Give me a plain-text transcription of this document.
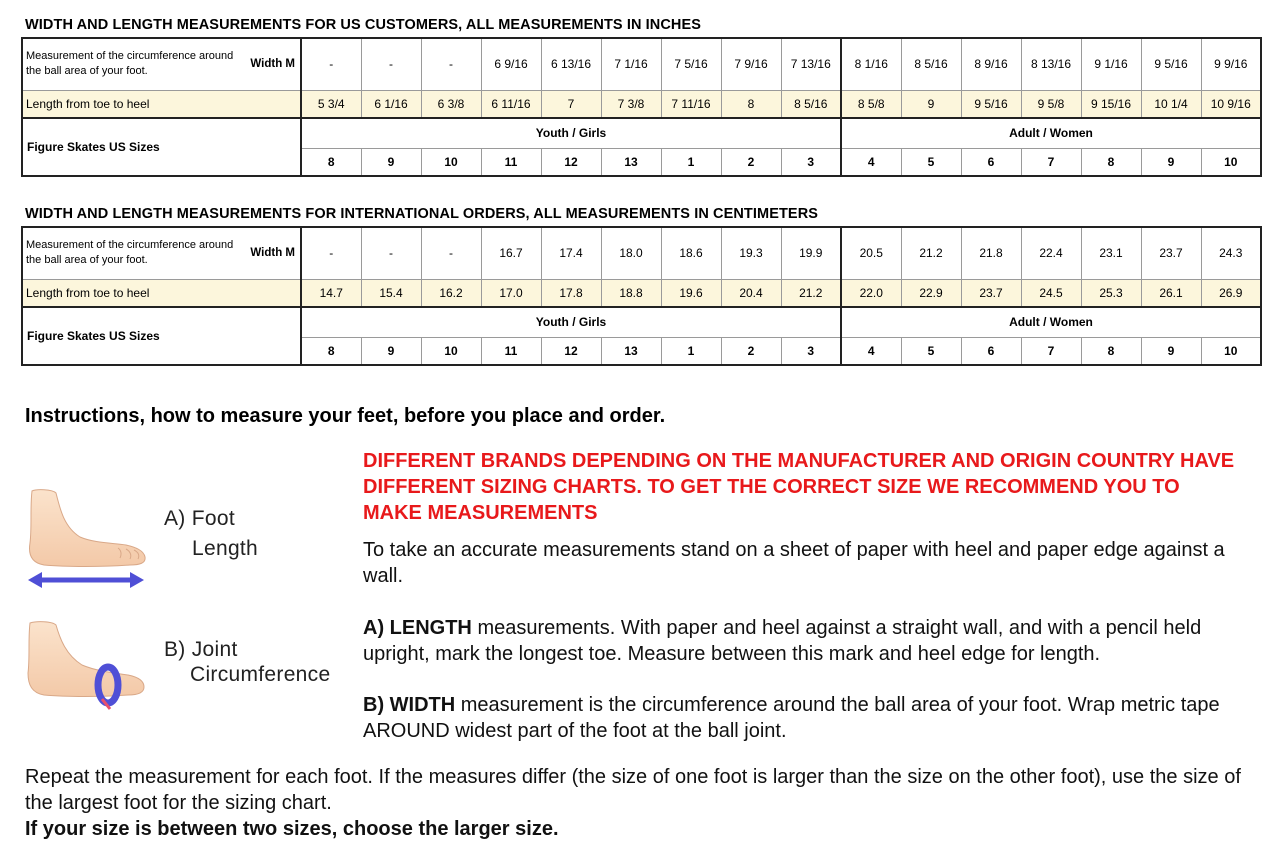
WIDTH AND LENGTH MEASUREMENTS FOR US CUSTOMERS, ALL MEASUREMENTS IN INCHES
Measurement of the circumference around the ball area of your foot.	Width M	-	-	-	6 9/16	6 13/16	7 1/16	7 5/16	7 9/16	7 13/16	8 1/16	8 5/16	8 9/16	8 13/16	9 1/16	9 5/16	9 9/16
Length from toe to heel		5 3/4	6 1/16	6 3/8	6 11/16	7	7 3/8	7 11/16	8	8 5/16	8 5/8	9	9 5/16	9 5/8	9 15/16	10 1/4	10 9/16
Figure Skates US Sizes		Youth / Girls									Adult / Women						
		8	9	10	11	12	13	1	2	3	4	5	6	7	8	9	10
WIDTH AND LENGTH MEASUREMENTS FOR INTERNATIONAL ORDERS, ALL MEASUREMENTS IN CENTIMETERS
Measurement of the circumference around the ball area of your foot.	Width M	-	-	-	16.7	17.4	18.0	18.6	19.3	19.9	20.5	21.2	21.8	22.4	23.1	23.7	24.3
Length from toe to heel		14.7	15.4	16.2	17.0	17.8	18.8	19.6	20.4	21.2	22.0	22.9	23.7	24.5	25.3	26.1	26.9
Figure Skates US Sizes		Youth / Girls									Adult / Women						
		8	9	10	11	12	13	1	2	3	4	5	6	7	8	9	10
Instructions, how to measure your feet, before you place and order.
A) Foot
Length
B) Joint
Circumference
DIFFERENT BRANDS DEPENDING ON THE MANUFACTURER AND ORIGIN COUNTRY HAVE DIFFERENT SIZING CHARTS. TO GET THE CORRECT SIZE WE RECOMMEND YOU TO MAKE MEASUREMENTS
To take an accurate measurements stand on a sheet of paper with heel and paper edge against a wall.
A) LENGTH measurements. With paper and heel against a straight wall, and with a pencil held upright, mark the longest toe. Measure between this mark and heel edge for length.
B) WIDTH measurement is the circumference around the ball area of your foot. Wrap metric tape AROUND widest part of the foot at the ball joint.
Repeat the measurement for each foot. If the measures differ (the size of one foot is larger than the size on the other foot), use the size of the largest foot for the sizing chart.
If your size is between two sizes, choose the larger size.
